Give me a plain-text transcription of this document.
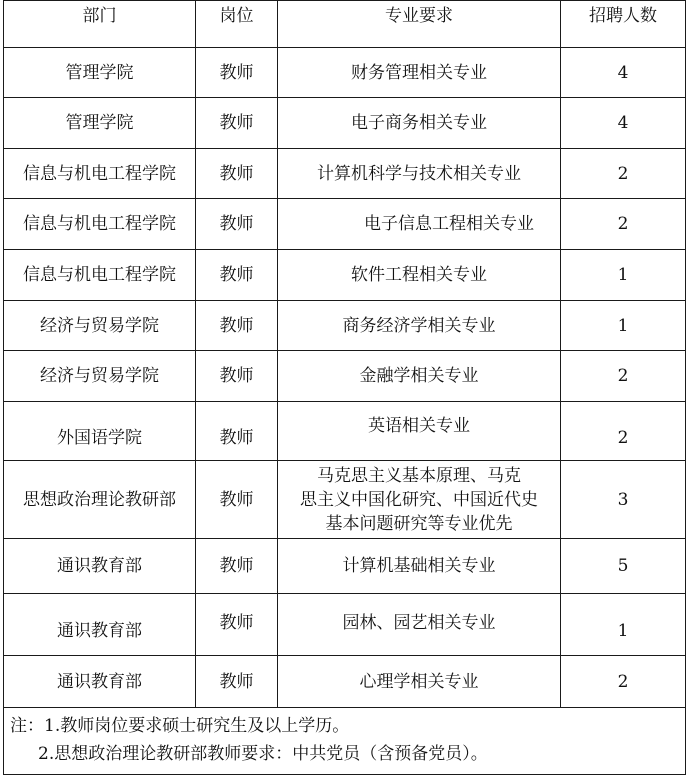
部门	岗位	专业要求	招聘人数
管理学院	教师	财务管理相关专业	4
管理学院	教师	电子商务相关专业	4
信息与机电工程学院	教师	计算机科学与技术相关专业	2
信息与机电工程学院	教师	电子信息工程相关专业	2
信息与机电工程学院	教师	软件工程相关专业	1
经济与贸易学院	教师	商务经济学相关专业	1
经济与贸易学院	教师	金融学相关专业	2
外国语学院	教师	英语相关专业	2
思想政治理论教研部	教师	马克思主义基本原理、马克
思主义中国化研究、中国近代史
基本问题研究等专业优先	3
通识教育部	教师	计算机基础相关专业	5
通识教育部	教师	园林、园艺相关专业	1
通识教育部	教师	心理学相关专业	2

注：1.教师岗位要求硕士研究生及以上学历。
2.思想政治理论教研部教师要求：中共党员（含预备党员）。			
